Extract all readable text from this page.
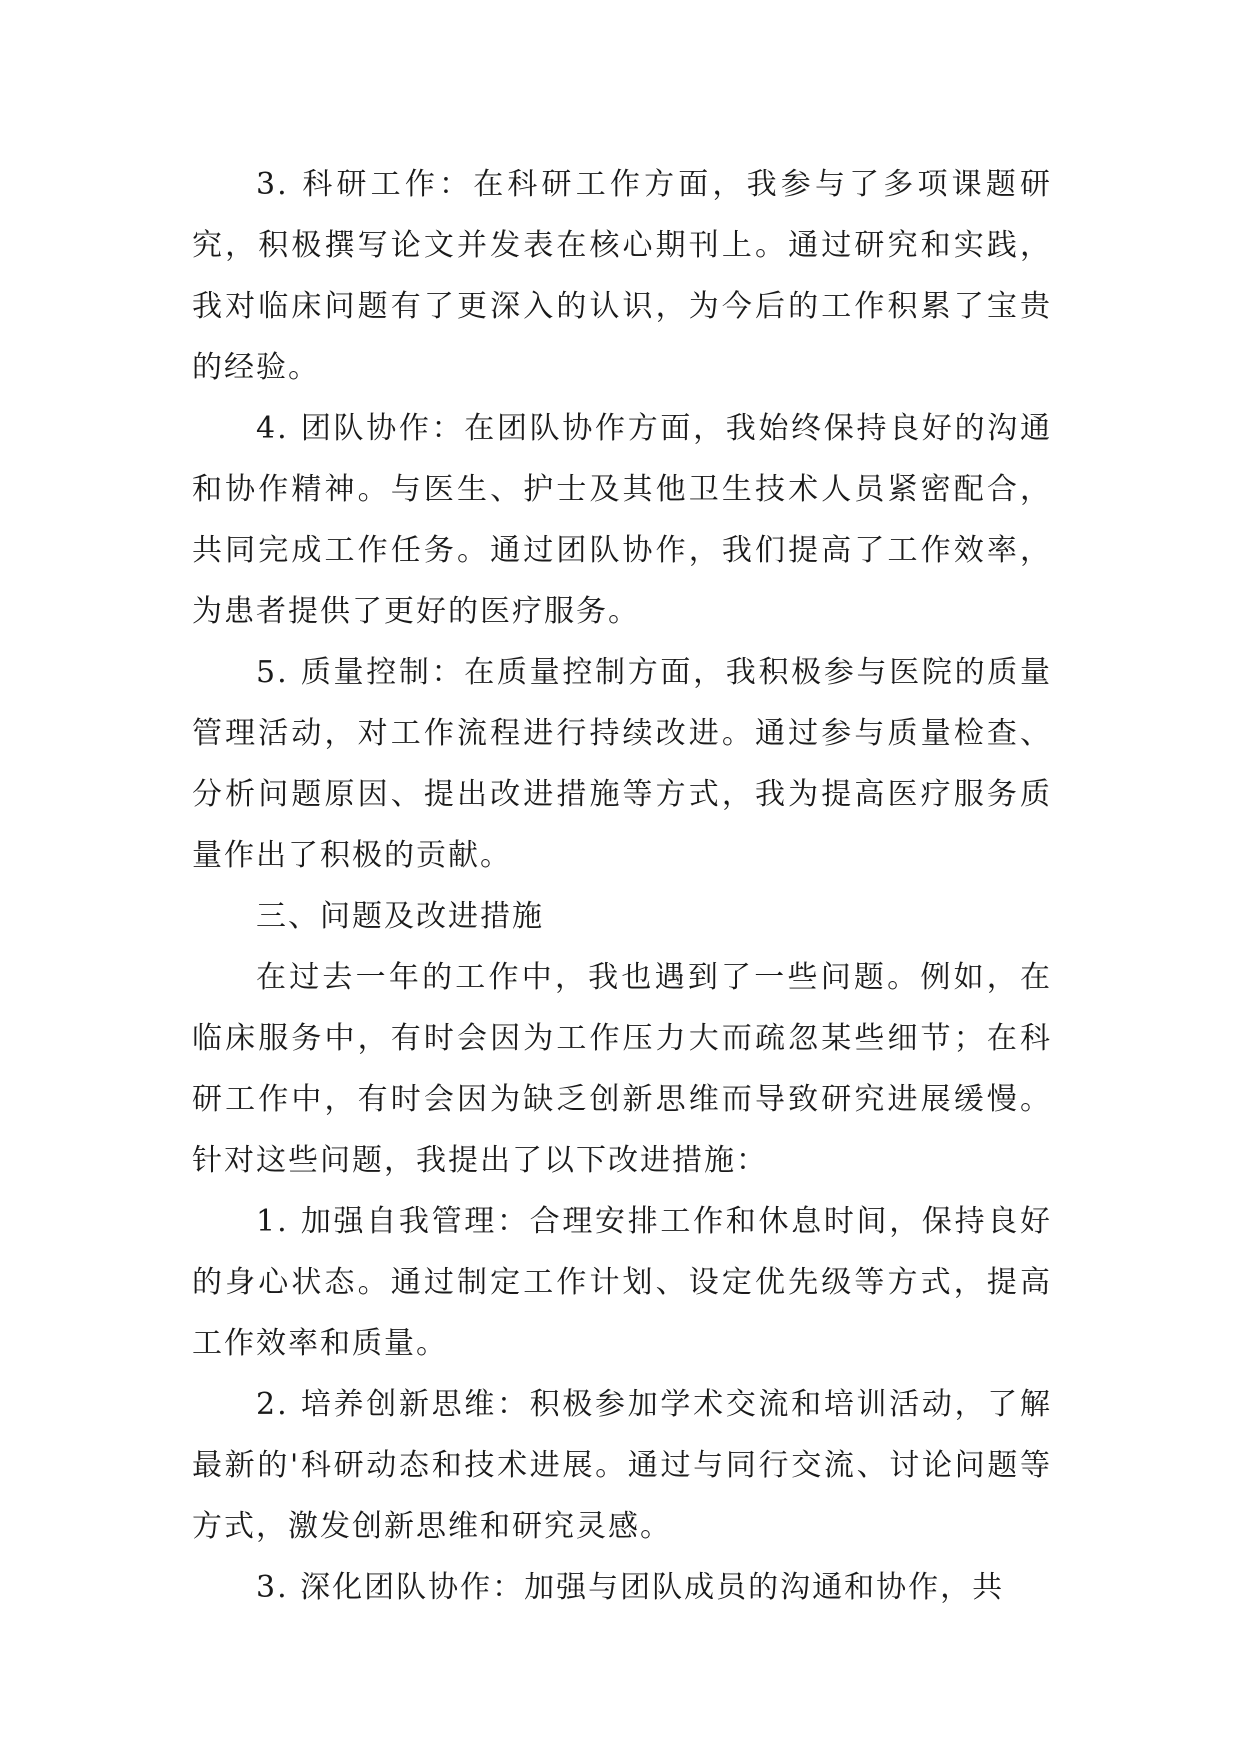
3. 科研工作：在科研工作方面，我参与了多项课题研究，积极撰写论文并发表在核心期刊上。通过研究和实践，我对临床问题有了更深入的认识，为今后的工作积累了宝贵的经验。

4. 团队协作：在团队协作方面，我始终保持良好的沟通和协作精神。与医生、护士及其他卫生技术人员紧密配合，共同完成工作任务。通过团队协作，我们提高了工作效率，为患者提供了更好的医疗服务。

5. 质量控制：在质量控制方面，我积极参与医院的质量管理活动，对工作流程进行持续改进。通过参与质量检查、分析问题原因、提出改进措施等方式，我为提高医疗服务质量作出了积极的贡献。

三、问题及改进措施

在过去一年的工作中，我也遇到了一些问题。例如，在临床服务中，有时会因为工作压力大而疏忽某些细节；在科研工作中，有时会因为缺乏创新思维而导致研究进展缓慢。针对这些问题，我提出了以下改进措施：

1. 加强自我管理：合理安排工作和休息时间，保持良好的身心状态。通过制定工作计划、设定优先级等方式，提高工作效率和质量。

2. 培养创新思维：积极参加学术交流和培训活动，了解最新的'科研动态和技术进展。通过与同行交流、讨论问题等方式，激发创新思维和研究灵感。

3. 深化团队协作：加强与团队成员的沟通和协作，共
